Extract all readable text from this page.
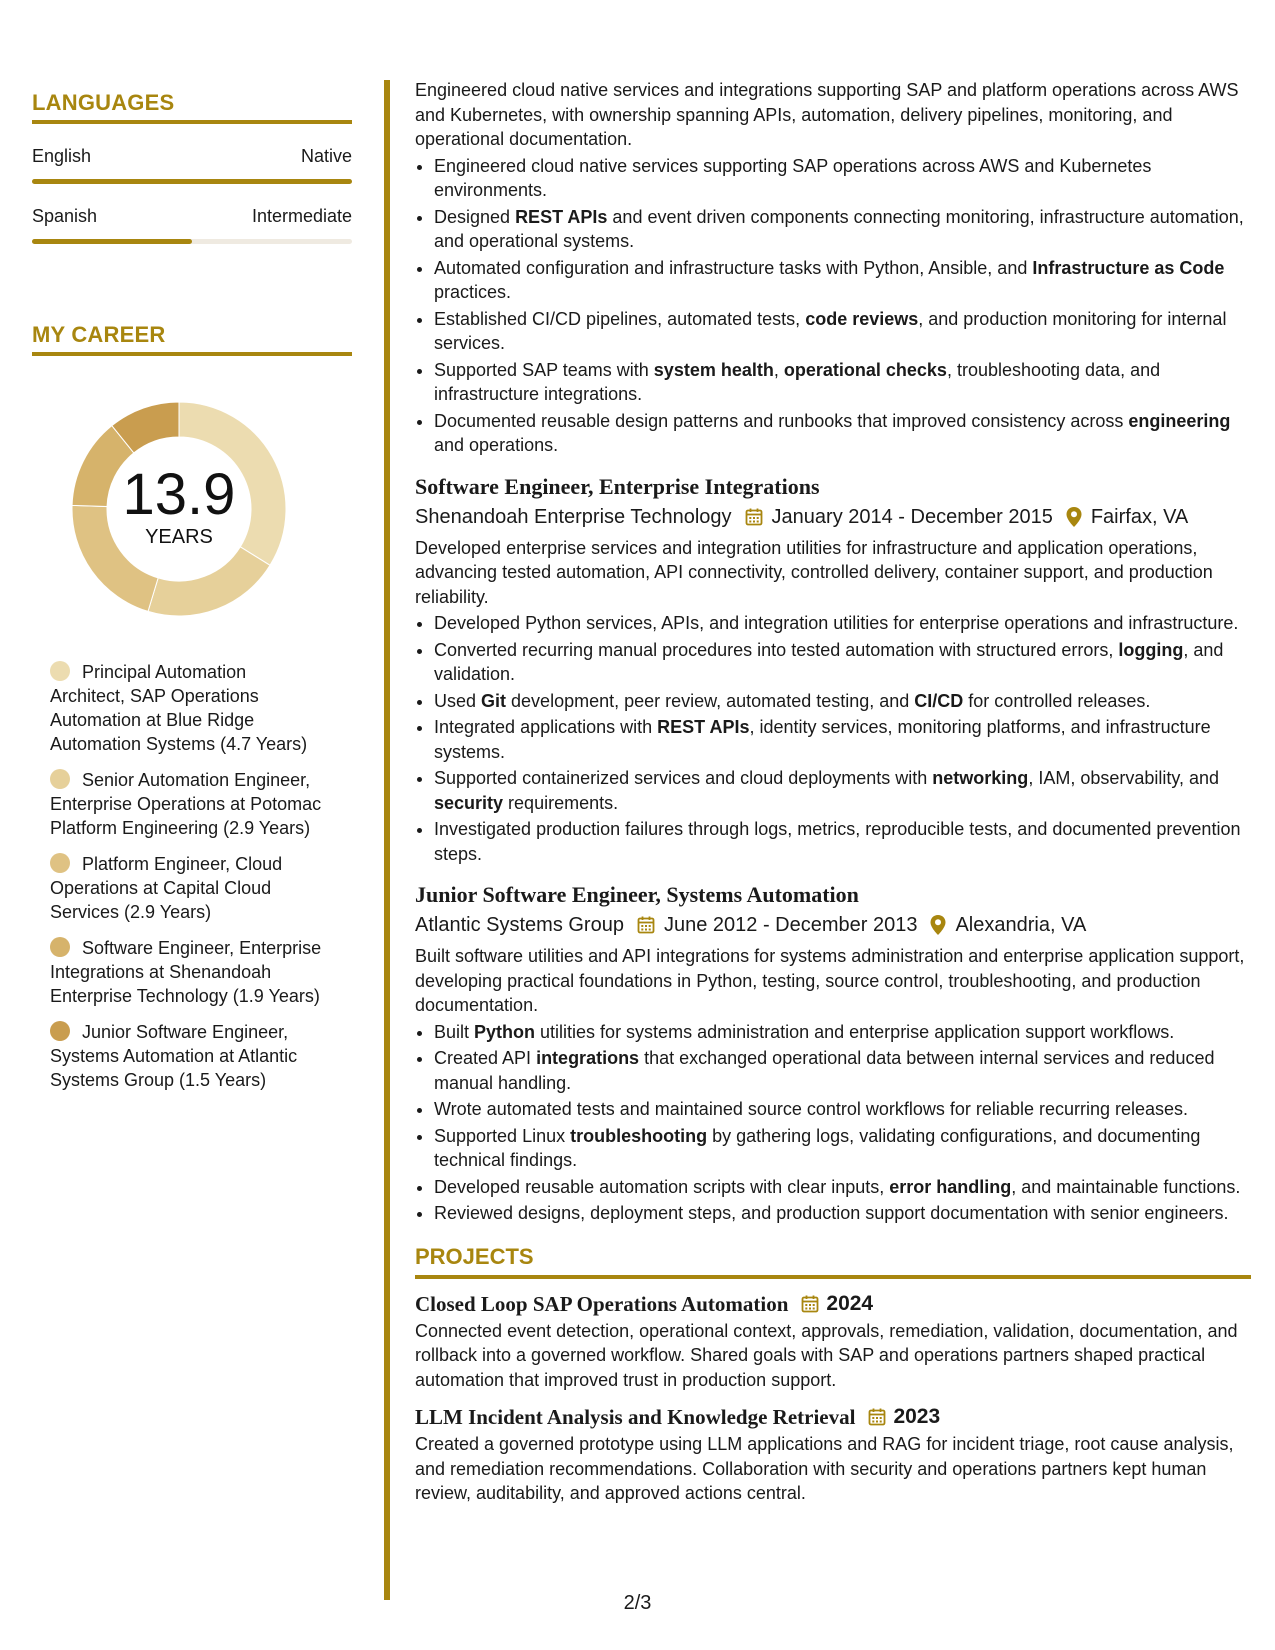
LANGUAGES
English	Native
Spanish	Intermediate
MY CAREER
13.9
YEARS
Principal Automation Architect, SAP Operations Automation at Blue Ridge Automation Systems (4.7 Years)
Senior Automation Engineer, Enterprise Operations at Potomac Platform Engineering (2.9 Years)
Platform Engineer, Cloud Operations at Capital Cloud Services (2.9 Years)
Software Engineer, Enterprise Integrations at Shenandoah Enterprise Technology (1.9 Years)
Junior Software Engineer, Systems Automation at Atlantic Systems Group (1.5 Years)

Engineered cloud native services and integrations supporting SAP and platform operations across AWS and Kubernetes, with ownership spanning APIs, automation, delivery pipelines, monitoring, and operational documentation.

• Engineered cloud native services supporting SAP operations across AWS and Kubernetes environments.
• Designed REST APIs and event driven components connecting monitoring, infrastructure automation, and operational systems.
• Automated configuration and infrastructure tasks with Python, Ansible, and Infrastructure as Code practices.
• Established CI/CD pipelines, automated tests, code reviews, and production monitoring for internal services.
• Supported SAP teams with system health, operational checks, troubleshooting data, and infrastructure integrations.
• Documented reusable design patterns and runbooks that improved consistency across engineering and operations.
Software Engineer, Enterprise Integrations
Shenandoah Enterprise Technology January 2014 - December 2015 Fairfax, VA

Developed enterprise services and integration utilities for infrastructure and application operations, advancing tested automation, API connectivity, controlled delivery, container support, and production reliability.

• Developed Python services, APIs, and integration utilities for enterprise operations and infrastructure.
• Converted recurring manual procedures into tested automation with structured errors, logging, and validation.
• Used Git development, peer review, automated testing, and CI/CD for controlled releases.
• Integrated applications with REST APIs, identity services, monitoring platforms, and infrastructure systems.
• Supported containerized services and cloud deployments with networking, IAM, observability, and security requirements.
• Investigated production failures through logs, metrics, reproducible tests, and documented prevention steps.
Junior Software Engineer, Systems Automation
Atlantic Systems Group June 2012 - December 2013 Alexandria, VA

Built software utilities and API integrations for systems administration and enterprise application support, developing practical foundations in Python, testing, source control, troubleshooting, and production documentation.

• Built Python utilities for systems administration and enterprise application support workflows.
• Created API integrations that exchanged operational data between internal services and reduced manual handling.
• Wrote automated tests and maintained source control workflows for reliable recurring releases.
• Supported Linux troubleshooting by gathering logs, validating configurations, and documenting technical findings.
• Developed reusable automation scripts with clear inputs, error handling, and maintainable functions.
• Reviewed designs, deployment steps, and production support documentation with senior engineers.
PROJECTS
Closed Loop SAP Operations Automation 2024

Connected event detection, operational context, approvals, remediation, validation, documentation, and rollback into a governed workflow. Shared goals with SAP and operations partners shaped practical automation that improved trust in production support.

LLM Incident Analysis and Knowledge Retrieval 2023

Created a governed prototype using LLM applications and RAG for incident triage, root cause analysis, and remediation recommendations. Collaboration with security and operations partners kept human review, auditability, and approved actions central.

2/3
